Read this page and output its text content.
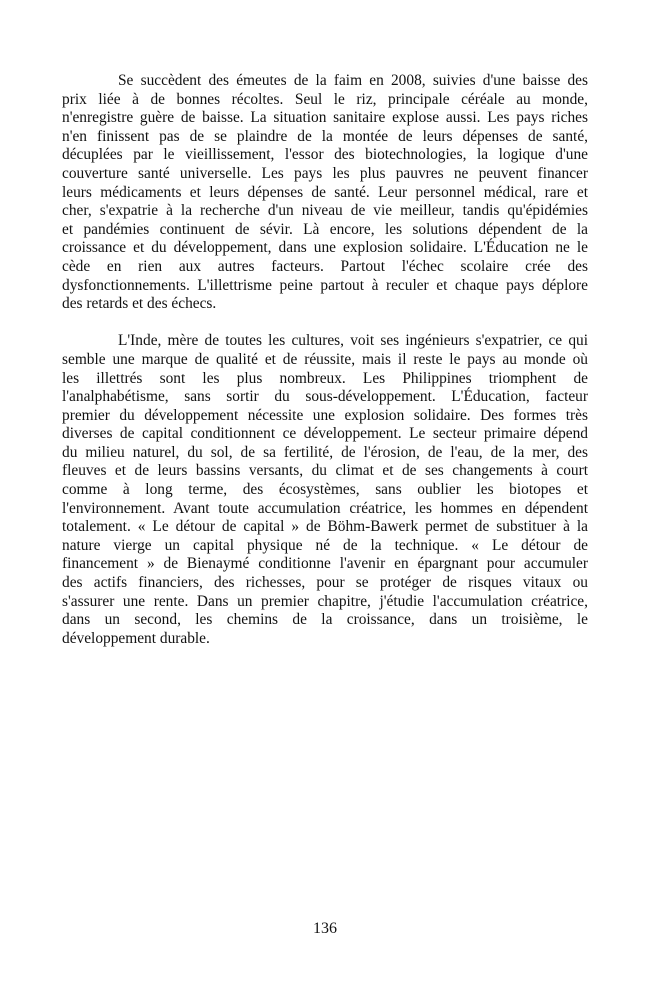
Se succèdent des émeutes de la faim en 2008, suivies d'une baisse des
prix liée à de bonnes récoltes. Seul le riz, principale céréale au monde,
n'enregistre guère de baisse. La situation sanitaire explose aussi. Les pays riches
n'en finissent pas de se plaindre de la montée de leurs dépenses de santé,
décuplées par le vieillissement, l'essor des biotechnologies, la logique d'une
couverture santé universelle. Les pays les plus pauvres ne peuvent financer
leurs médicaments et leurs dépenses de santé. Leur personnel médical, rare et
cher, s'expatrie à la recherche d'un niveau de vie meilleur, tandis qu'épidémies
et pandémies continuent de sévir. Là encore, les solutions dépendent de la
croissance et du développement, dans une explosion solidaire. L'Éducation ne le
cède en rien aux autres facteurs. Partout l'échec scolaire crée des
dysfonctionnements. L'illettrisme peine partout à reculer et chaque pays déplore
des retards et des échecs.
L'Inde, mère de toutes les cultures, voit ses ingénieurs s'expatrier, ce qui
semble une marque de qualité et de réussite, mais il reste le pays au monde où
les illettrés sont les plus nombreux. Les Philippines triomphent de
l'analphabétisme, sans sortir du sous-développement. L'Éducation, facteur
premier du développement nécessite une explosion solidaire. Des formes très
diverses de capital conditionnent ce développement. Le secteur primaire dépend
du milieu naturel, du sol, de sa fertilité, de l'érosion, de l'eau, de la mer, des
fleuves et de leurs bassins versants, du climat et de ses changements à court
comme à long terme, des écosystèmes, sans oublier les biotopes et
l'environnement. Avant toute accumulation créatrice, les hommes en dépendent
totalement. « Le détour de capital » de Böhm-Bawerk permet de substituer à la
nature vierge un capital physique né de la technique. « Le détour de
financement » de Bienaymé conditionne l'avenir en épargnant pour accumuler
des actifs financiers, des richesses, pour se protéger de risques vitaux ou
s'assurer une rente. Dans un premier chapitre, j'étudie l'accumulation créatrice,
dans un second, les chemins de la croissance, dans un troisième, le
développement durable.
136
